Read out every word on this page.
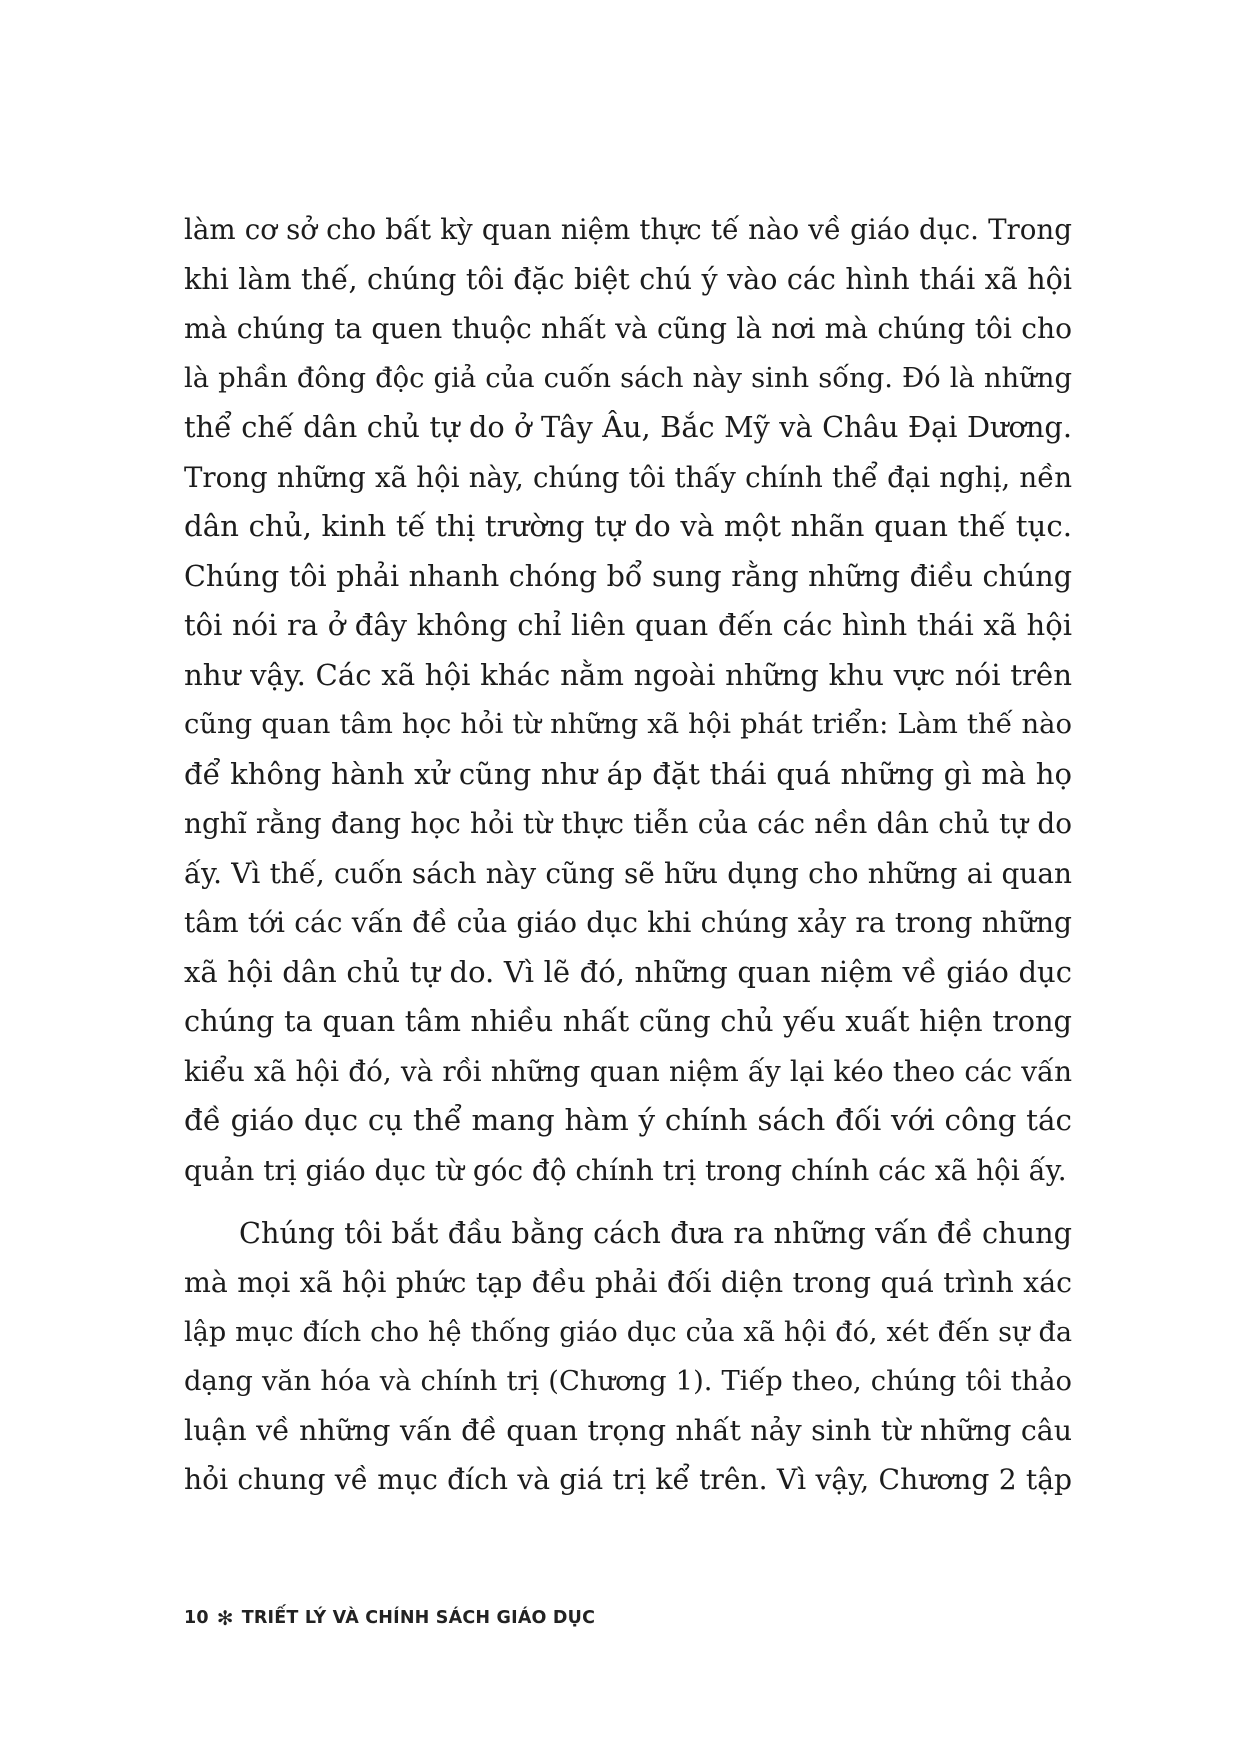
làm cơ sở cho bất kỳ quan niệm thực tế nào về giáo dục. Trong
khi làm thế, chúng tôi đặc biệt chú ý vào các hình thái xã hội
mà chúng ta quen thuộc nhất và cũng là nơi mà chúng tôi cho
là phần đông độc giả của cuốn sách này sinh sống. Đó là những
thể chế dân chủ tự do ở Tây Âu, Bắc Mỹ và Châu Đại Dương.
Trong những xã hội này, chúng tôi thấy chính thể đại nghị, nền
dân chủ, kinh tế thị trường tự do và một nhãn quan thế tục.
Chúng tôi phải nhanh chóng bổ sung rằng những điều chúng
tôi nói ra ở đây không chỉ liên quan đến các hình thái xã hội
như vậy. Các xã hội khác nằm ngoài những khu vực nói trên
cũng quan tâm học hỏi từ những xã hội phát triển: Làm thế nào
để không hành xử cũng như áp đặt thái quá những gì mà họ
nghĩ rằng đang học hỏi từ thực tiễn của các nền dân chủ tự do
ấy. Vì thế, cuốn sách này cũng sẽ hữu dụng cho những ai quan
tâm tới các vấn đề của giáo dục khi chúng xảy ra trong những
xã hội dân chủ tự do. Vì lẽ đó, những quan niệm về giáo dục
chúng ta quan tâm nhiều nhất cũng chủ yếu xuất hiện trong
kiểu xã hội đó, và rồi những quan niệm ấy lại kéo theo các vấn
đề giáo dục cụ thể mang hàm ý chính sách đối với công tác
quản trị giáo dục từ góc độ chính trị trong chính các xã hội ấy.

Chúng tôi bắt đầu bằng cách đưa ra những vấn đề chung
mà mọi xã hội phức tạp đều phải đối diện trong quá trình xác
lập mục đích cho hệ thống giáo dục của xã hội đó, xét đến sự đa
dạng văn hóa và chính trị (Chương 1). Tiếp theo, chúng tôi thảo
luận về những vấn đề quan trọng nhất nảy sinh từ những câu
hỏi chung về mục đích và giá trị kể trên. Vì vậy, Chương 2 tập

10 ✻ TRIẾT LÝ VÀ CHÍNH SÁCH GIÁO DỤC
